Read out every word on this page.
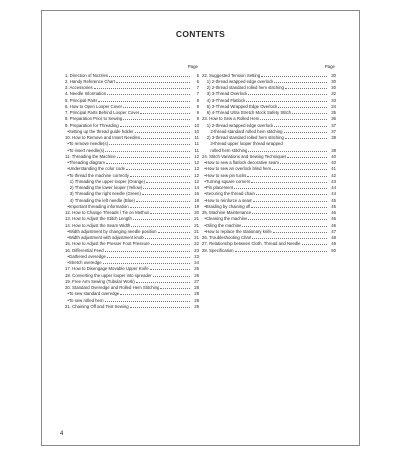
CONTENTS
Page
1. Direction of Nozzles	5
2. Handy Reference Chart	6
3. Accessories	7
4. Needle Information	7
5. Principal Parts	8
6. How to Open Looper Cover	9
7. Principal Parts Behind Looper Cover	9
8. Preparation Prior to Sewing	9
9. Preparation for Threading	10
•Setting up the thread guide holder	10
10. How to Remove and Insert Needles	11
•To remove needle(s)	11
•To insert needle(s)	11
11. Threading the Machine	12
•Threading diagram	12
•Understanding the color code	12
•To thread the machine correctly	12
1) Threading the upper looper (Orange)	12
2) Threading the lower looper (Yellow)	14
3) Threading the right needle (Green)	16
4) Threading the left needle (Blue)	18
•Important threading information	19
12. How to Change Threads / Tie on Method	20
13. How to Adjust the Stitch Length	21
14. How to Adjust the Seam Width	21
•Width adjustment by changing needle position	21
•Width adjustment with adjustment knob	21
15. How to Adjust the Presser Foot Pressure	22
16. Differential Feed	23
•Gathered overedge	23
•Stretch overedge	24
17. How to Disengage Movable Upper Knife	25
18. Converting the upper looper into spreader	26
19. Free Arm Sewing (Tubular Work)	27
20. Standard Overedge and Rolled Hem Stitching	28
•To sew standard overedge	28
•To sew rolled hem	28
21. Chaining Off and Test Sewing	29
Page
22. Suggested Tension Setting	30
1) 2-thread wrapped edge overlock	30
2) 2-thread standard rolled hem stitching	30
3) 3-Thread Overlock	32
4) 3-Thread Flatlock	33
5) 3-Thread Wrapped Edge Overlock	34
6) 4-Thread Ultra Stretch Mock Safety Stitch	35
23. How to Sew a Rolled Hem	36
1) 2-thread wrapped edge overlock	37
2-thread standard rolled hem stitching	37
2) 3-thread standard rolled hem stitching	38
3-thread upper looper thread wrapped
rolled hem stitching	38
24. Stitch Variations and Sewing Techniques	40
•How to sew a flatlock decorative seam	40
•How to sew an overlock blind hem	41
•How to sew pin tucks	42
•Turning square corners	43
•Pin placement	44
•Securing the thread chain	44
•How to reinforce a seam	45
•Braiding by chaining off	45
25. Machine Maintenance	46
•Cleaning the machine	46
•Oiling the machine	46
•How to replace the stationary knife	47
26. Troubleshooting Chart	48
27. Relationship between Cloth, Thread and Needle	49
28. Specification	50
4
